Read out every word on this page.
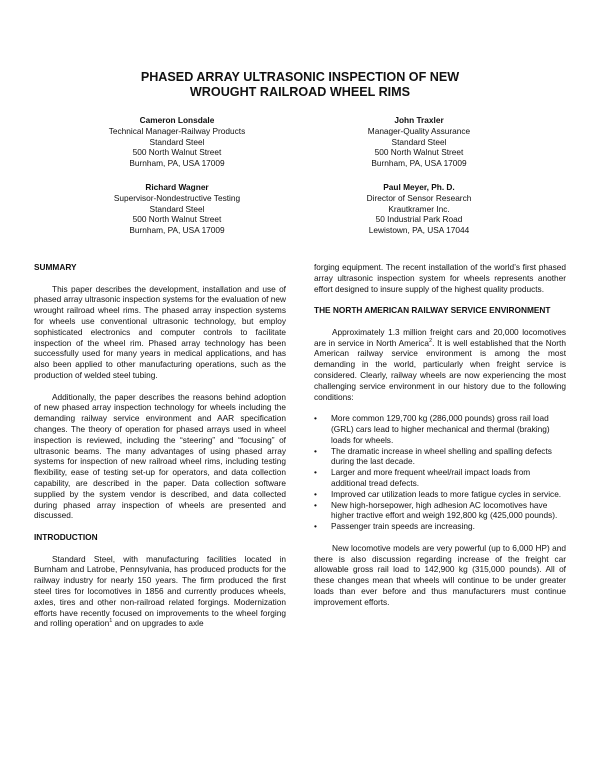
PHASED ARRAY ULTRASONIC INSPECTION OF NEW
WROUGHT RAILROAD WHEEL RIMS
Cameron Lonsdale
Technical Manager-Railway Products
Standard Steel
500 North Walnut Street
Burnham, PA, USA 17009
John Traxler
Manager-Quality Assurance
Standard Steel
500 North Walnut Street
Burnham, PA, USA 17009
Richard Wagner
Supervisor-Nondestructive Testing
Standard Steel
500 North Walnut Street
Burnham, PA, USA 17009
Paul Meyer, Ph. D.
Director of Sensor Research
Krautkramer Inc.
50 Industrial Park Road
Lewistown, PA, USA 17044
SUMMARY

This paper describes the development, installation and use of phased array ultrasonic inspection systems for the evaluation of new wrought railroad wheel rims. The phased array inspection systems for wheels use conventional ultrasonic technology, but employ sophisticated electronics and computer controls to facilitate inspection of the wheel rim. Phased array technology has been successfully used for many years in medical applications, and has also been applied to other manufacturing operations, such as the production of welded steel tubing.

Additionally, the paper describes the reasons behind adoption of new phased array inspection technology for wheels including the demanding railway service environment and AAR specification changes. The theory of operation for phased arrays used in wheel inspection is reviewed, including the “steering” and “focusing” of ultrasonic beams. The many advantages of using phased array systems for inspection of new railroad wheel rims, including testing flexibility, ease of testing set-up for operators, and data collection capability, are described in the paper. Data collection software supplied by the system vendor is described, and data collected during phased array inspection of wheels are presented and discussed.

INTRODUCTION

Standard Steel, with manufacturing facilities located in Burnham and Latrobe, Pennsylvania, has produced products for the railway industry for nearly 150 years. The firm produced the first steel tires for locomotives in 1856 and currently produces wheels, axles, tires and other non-railroad related forgings. Modernization efforts have recently focused on improvements to the wheel forging and rolling operation$^1$ and on upgrades to axle

forging equipment. The recent installation of the world’s first phased array ultrasonic inspection system for wheels represents another effort designed to insure supply of the highest quality products.

THE NORTH AMERICAN RAILWAY SERVICE ENVIRONMENT

Approximately 1.3 million freight cars and 20,000 locomotives are in service in North America$^2$. It is well established that the North American railway service environment is among the most demanding in the world, particularly when freight service is considered. Clearly, railway wheels are now experiencing the most challenging service environment in our history due to the following conditions:

• More common 129,700 kg (286,000 pounds) gross rail load (GRL) cars lead to higher mechanical and thermal (braking) loads for wheels.
• The dramatic increase in wheel shelling and spalling defects during the last decade.
• Larger and more frequent wheel/rail impact loads from additional tread defects.
• Improved car utilization leads to more fatigue cycles in service.
• New high-horsepower, high adhesion AC locomotives have higher tractive effort and weigh 192,800 kg (425,000 pounds).
• Passenger train speeds are increasing.

New locomotive models are very powerful (up to 6,000 HP) and there is also discussion regarding increase of the freight car allowable gross rail load to 142,900 kg (315,000 pounds). All of these changes mean that wheels will continue to be under greater loads than ever before and thus manufacturers must continue improvement efforts.
